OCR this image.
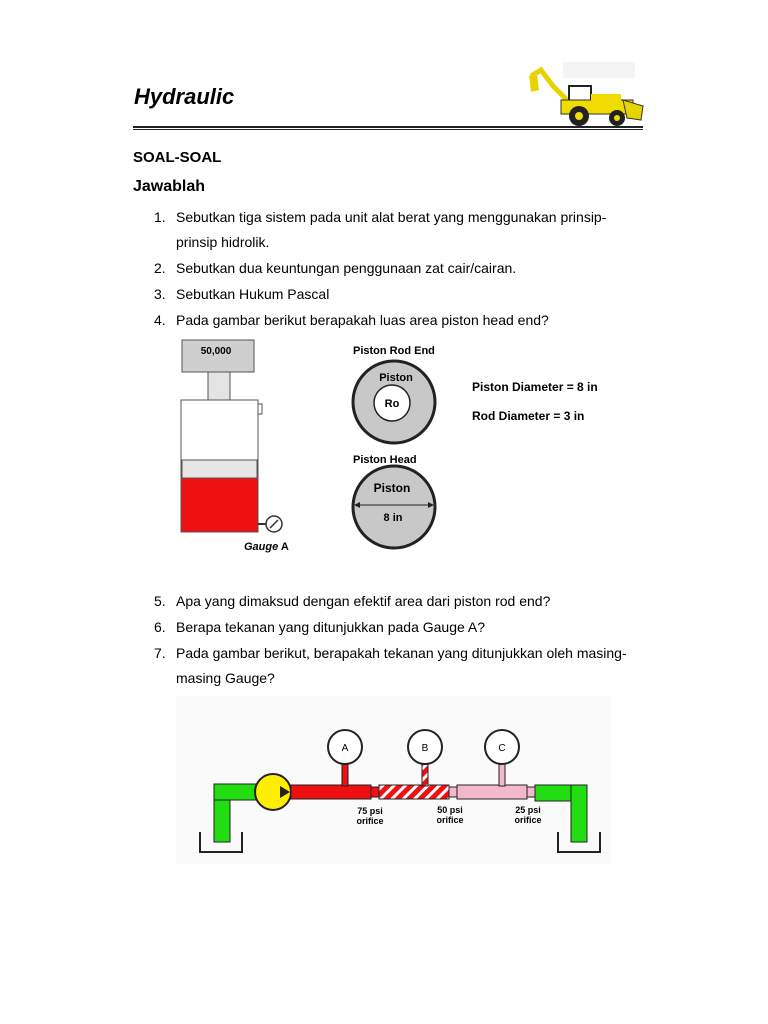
Hydraulic
SOAL-SOAL
Jawablah
1. Sebutkan tiga sistem pada unit alat berat yang menggunakan prinsip-prinsip hidrolik.
2. Sebutkan dua keuntungan penggunaan zat cair/cairan.
3. Sebutkan Hukum Pascal
4. Pada gambar berikut berapakah luas area piston head end?
50,000
Gauge A
Piston Rod End
Piston
Ro
Piston Head
Piston
8 in
Piston Diameter = 8 in
Rod Diameter = 3 in
5. Apa yang dimaksud dengan efektif area dari piston rod end?
6. Berapa tekanan yang ditunjukkan pada Gauge A?
7. Pada gambar berikut, berapakah tekanan yang ditunjukkan oleh masing-masing Gauge?
A	B	C
75 psi
orifice
50 psi
orifice
25 psi
orifice
